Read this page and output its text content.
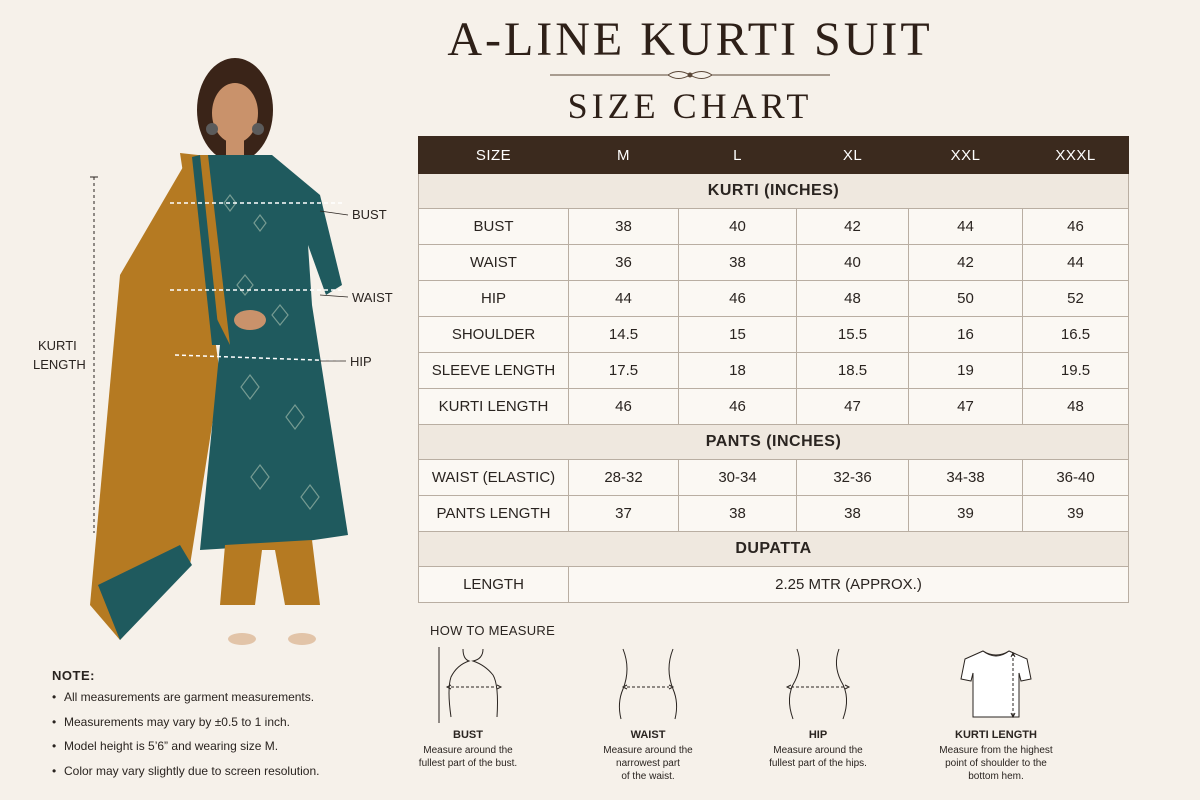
A-LINE KURTI SUIT
SIZE CHART
BUST
WAIST
HIP
KURTI
LENGTH
SIZE	M	L	XL	XXL	XXXL
KURTI (INCHES)					
BUST	38	40	42	44	46
WAIST	36	38	40	42	44
HIP	44	46	48	50	52
SHOULDER	14.5	15	15.5	16	16.5
SLEEVE LENGTH	17.5	18	18.5	19	19.5
KURTI LENGTH	46	46	47	47	48
PANTS (INCHES)					
WAIST (ELASTIC)	28-32	30-34	32-36	34-38	36-40
PANTS LENGTH	37	38	38	39	39
DUPATTA					
LENGTH	2.25 MTR (APPROX.)				

NOTE:

• All measurements are garment measurements.
• Measurements may vary by ±0.5 to 1 inch.
• Model height is 5’6” and wearing size M.
• Color may vary slightly due to screen resolution.

HOW TO MEASURE

BUST
Measure around the
fullest part of the bust.
WAIST
Measure around the
narrowest part
of the waist.
HIP
Measure around the
fullest part of the hips.
KURTI LENGTH
Measure from the highest
point of shoulder to the
bottom hem.
